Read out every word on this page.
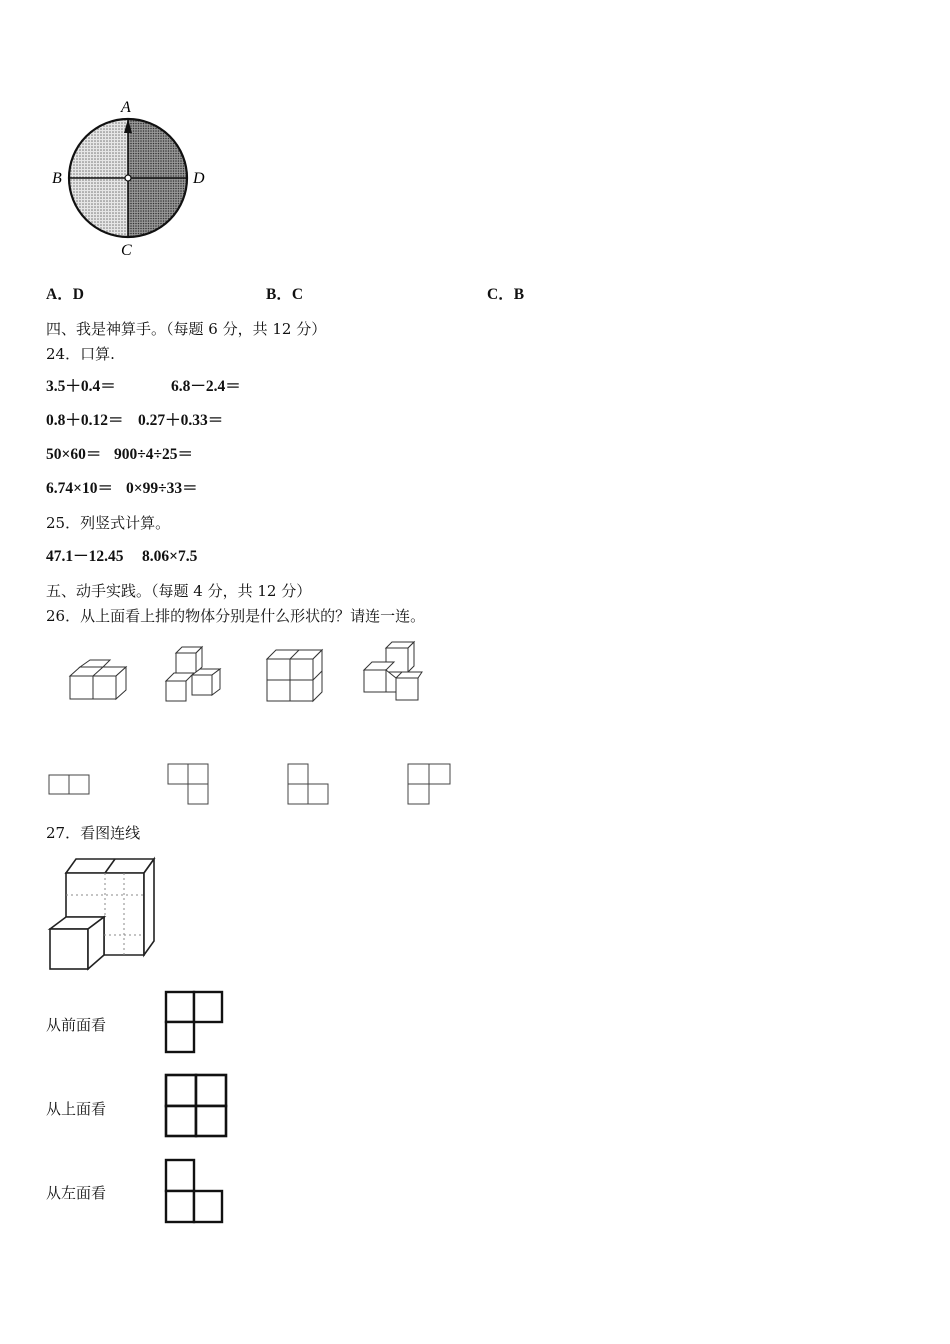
A
B	D
C
A．D	B．C	C．B
四、我是神算手。（每题 6 分，共 12 分）
24．口算.
3.5＋0.4＝	6.8－2.4＝
0.8＋0.12＝ 0.27＋0.33＝
50×60＝ 900÷4÷25＝
6.74×10＝ 0×99÷33＝
25．列竖式计算。
47.1－12.45 8.06×7.5
五、动手实践。（每题 4 分，共 12 分）
26．从上面看上排的物体分别是什么形状的？请连一连。
27．看图连线
从前面看
从上面看
从左面看
